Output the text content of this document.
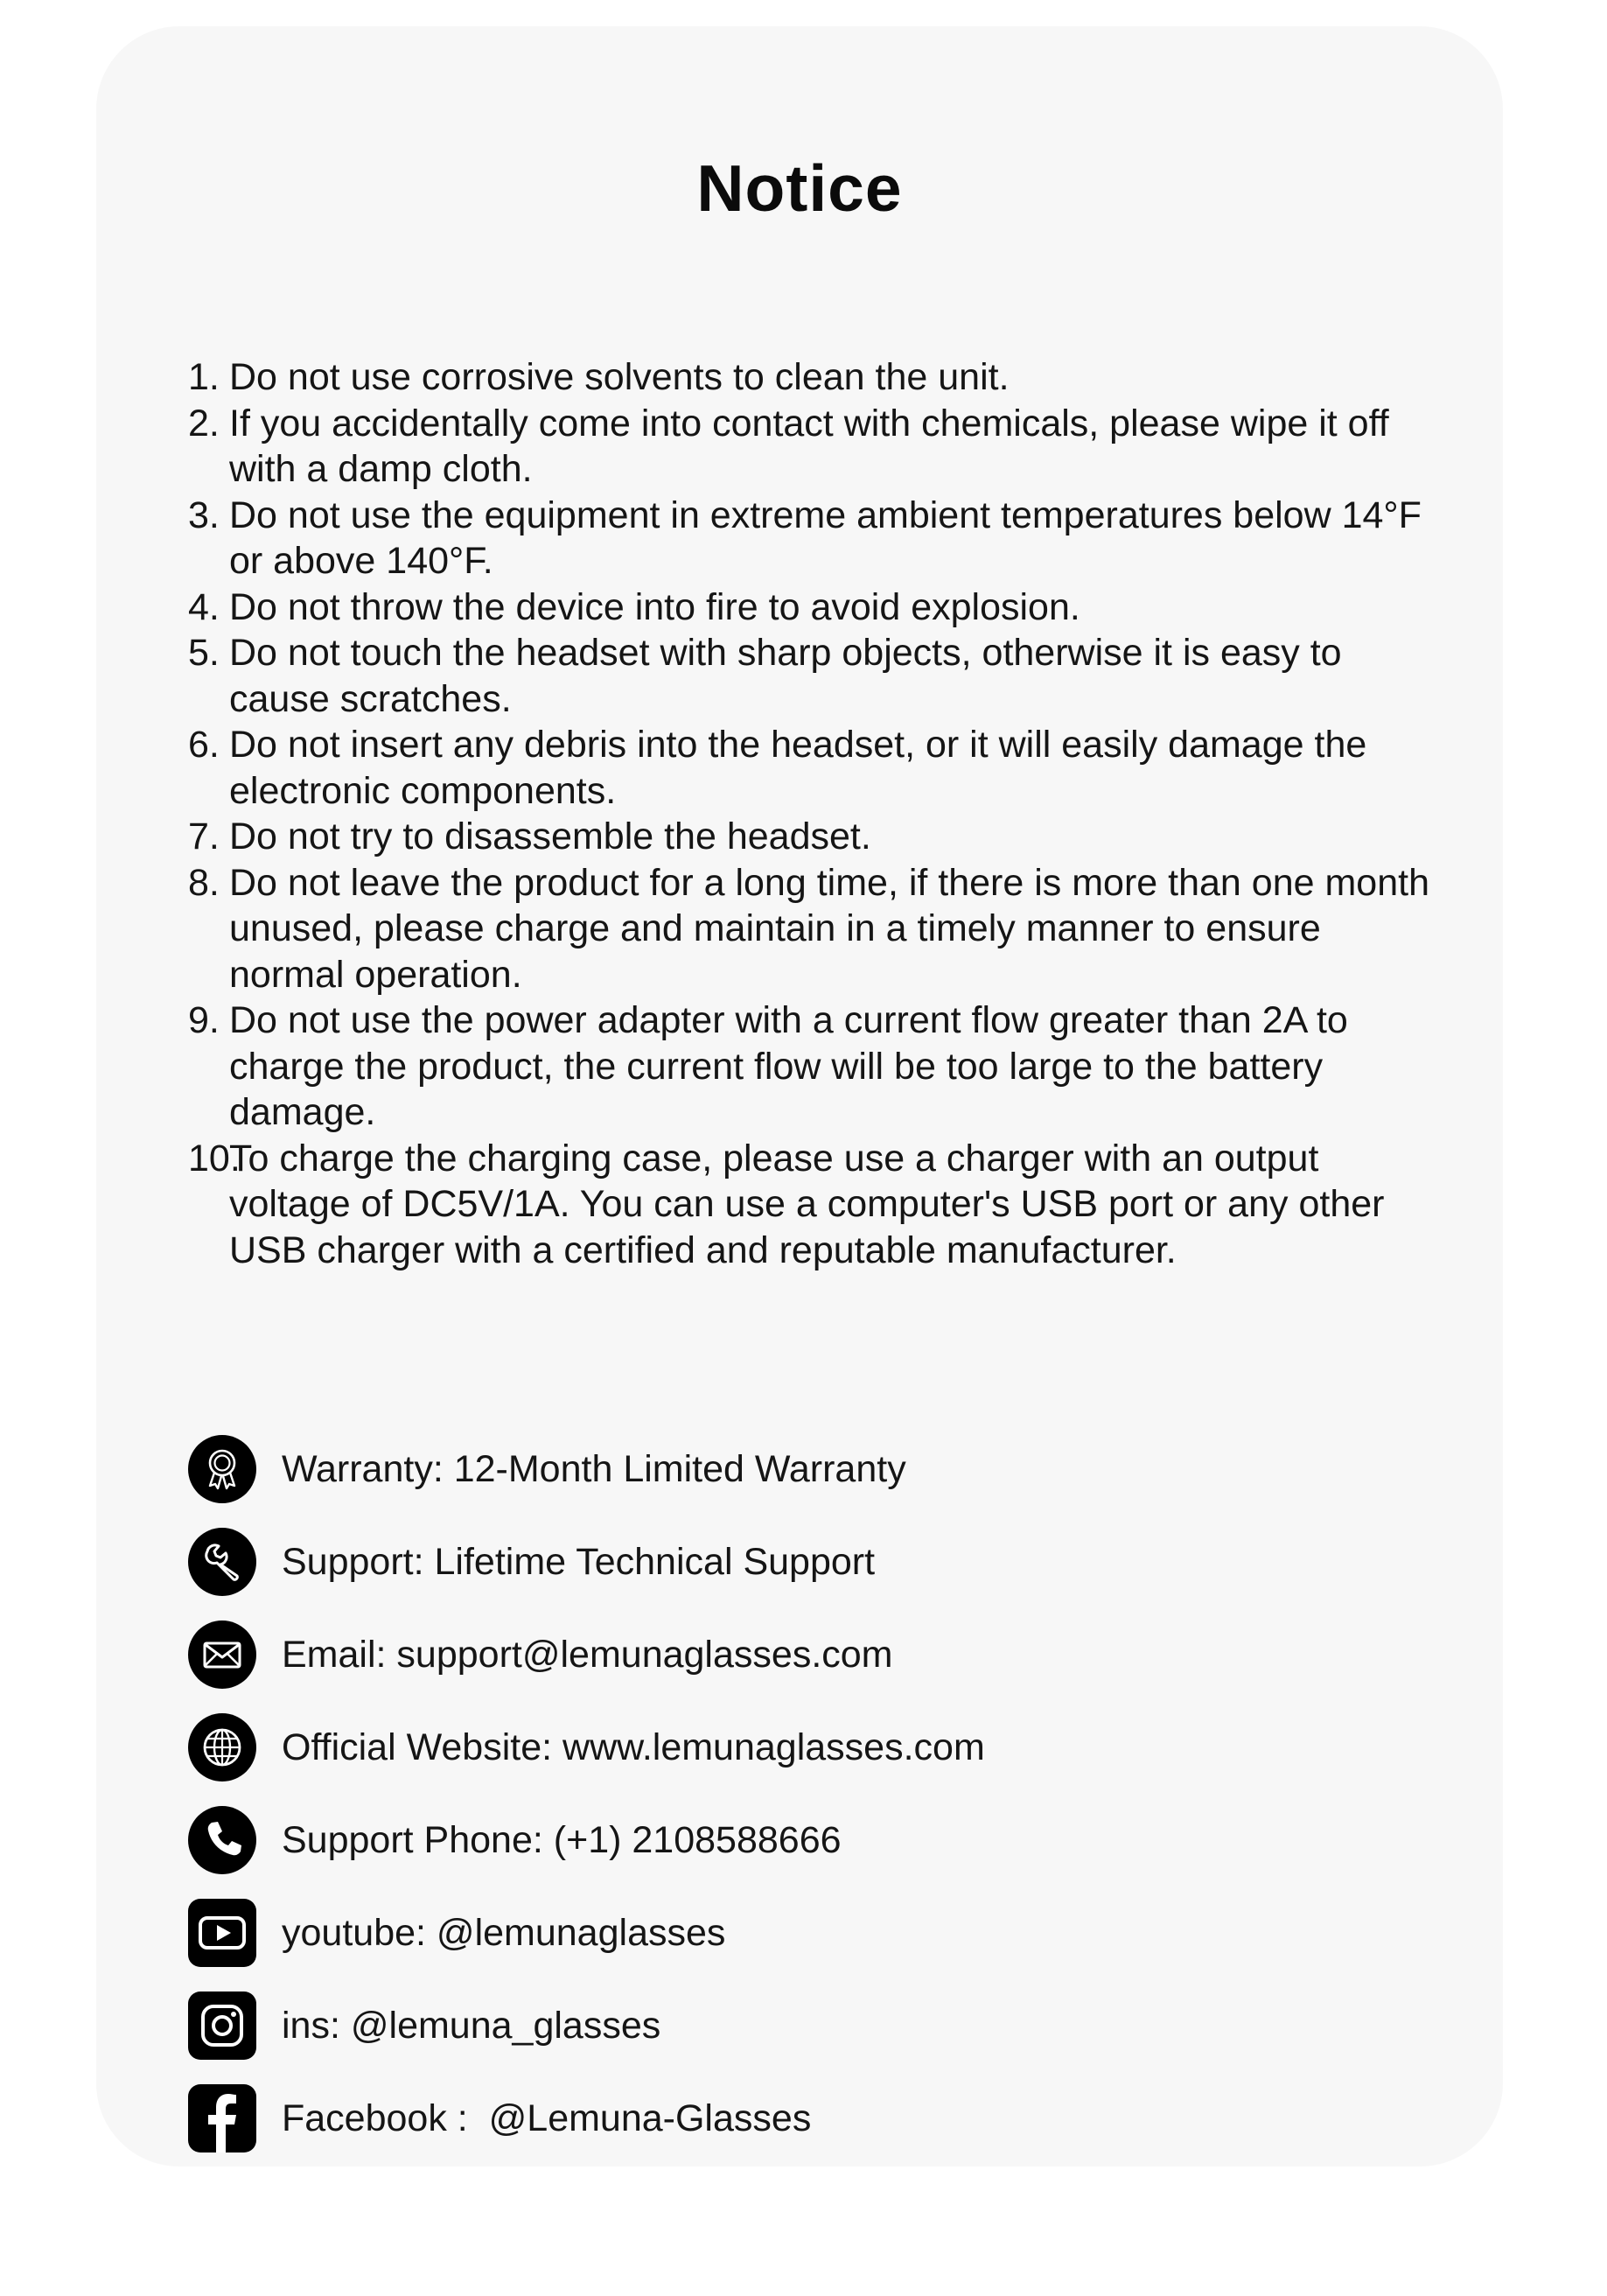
Notice
1. Do not use corrosive solvents to clean the unit.
2. If you accidentally come into contact with chemicals, please wipe it off with a damp cloth.
3. Do not use the equipment in extreme ambient temperatures below 14°F or above 140°F.
4. Do not throw the device into fire to avoid explosion.
5. Do not touch the headset with sharp objects, otherwise it is easy to cause scratches.
6. Do not insert any debris into the headset, or it will easily damage the electronic components.
7. Do not try to disassemble the headset.
8. Do not leave the product for a long time, if there is more than one month unused, please charge and maintain in a timely manner to ensure normal operation.
9. Do not use the power adapter with a current flow greater than 2A to charge the product, the current flow will be too large to the battery damage.
10.
To charge the charging case, please use a charger with an output voltage of DC5V/1A. You can use a computer's USB port or any other USB charger with a certified and reputable manufacturer.
Warranty: 12-Month Limited Warranty
Support: Lifetime Technical Support
Email: support@lemunaglasses.com
Official Website: www.lemunaglasses.com
Support Phone: (+1) 2108588666
youtube: @lemunaglasses
ins: @lemuna_glasses
Facebook :  @Lemuna-Glasses
